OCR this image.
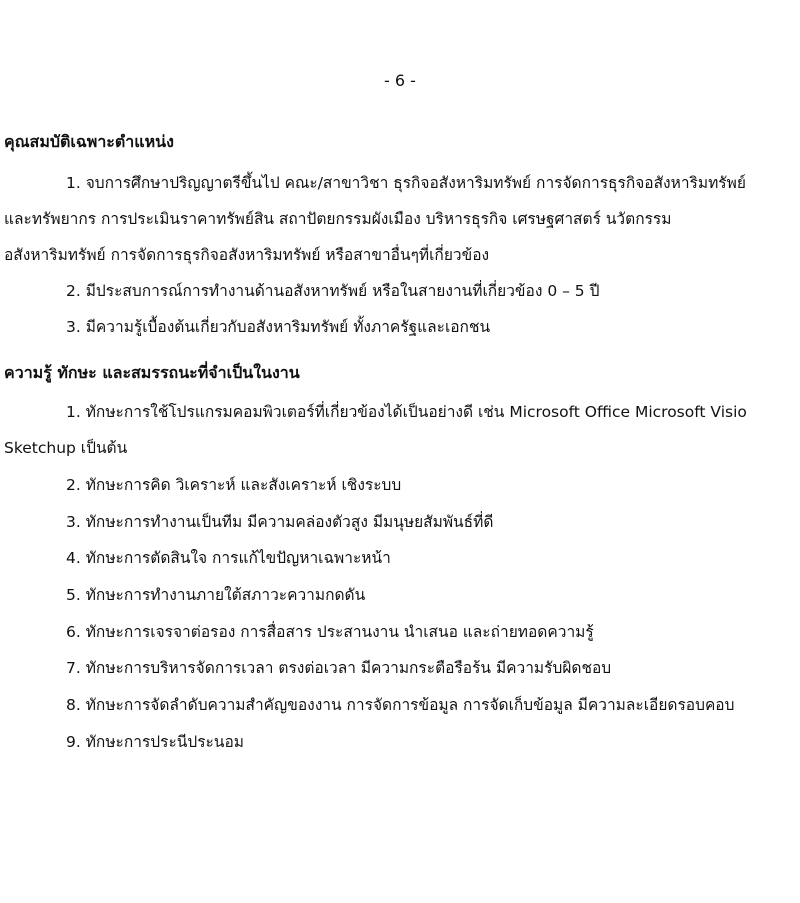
- 6 -
คุณสมบัติเฉพาะตำแหน่ง
1. จบการศึกษาปริญญาตรีขึ้นไป คณะ/สาขาวิชา ธุรกิจอสังหาริมทรัพย์ การจัดการธุรกิจอสังหาริมทรัพย์
และทรัพยากร การประเมินราคาทรัพย์สิน สถาปัตยกรรมผังเมือง บริหารธุรกิจ เศรษฐศาสตร์ นวัตกรรม
อสังหาริมทรัพย์ การจัดการธุรกิจอสังหาริมทรัพย์ หรือสาขาอื่นๆที่เกี่ยวข้อง
2. มีประสบการณ์การทำงานด้านอสังหาทรัพย์ หรือในสายงานที่เกี่ยวข้อง 0 – 5 ปี
3. มีความรู้เบื้องต้นเกี่ยวกับอสังหาริมทรัพย์ ทั้งภาครัฐและเอกชน
ความรู้ ทักษะ และสมรรถนะที่จำเป็นในงาน
1. ทักษะการใช้โปรแกรมคอมพิวเตอร์ที่เกี่ยวข้องได้เป็นอย่างดี เช่น Microsoft Office Microsoft Visio
Sketchup เป็นต้น
2. ทักษะการคิด วิเคราะห์ และสังเคราะห์ เชิงระบบ
3. ทักษะการทำงานเป็นทีม มีความคล่องตัวสูง มีมนุษยสัมพันธ์ที่ดี
4. ทักษะการตัดสินใจ การแก้ไขปัญหาเฉพาะหน้า
5. ทักษะการทำงานภายใต้สภาวะความกดดัน
6. ทักษะการเจรจาต่อรอง การสื่อสาร ประสานงาน นำเสนอ และถ่ายทอดความรู้
7. ทักษะการบริหารจัดการเวลา ตรงต่อเวลา มีความกระตือรือร้น มีความรับผิดชอบ
8. ทักษะการจัดลำดับความสำคัญของงาน การจัดการข้อมูล การจัดเก็บข้อมูล มีความละเอียดรอบคอบ
9. ทักษะการประนีประนอม
